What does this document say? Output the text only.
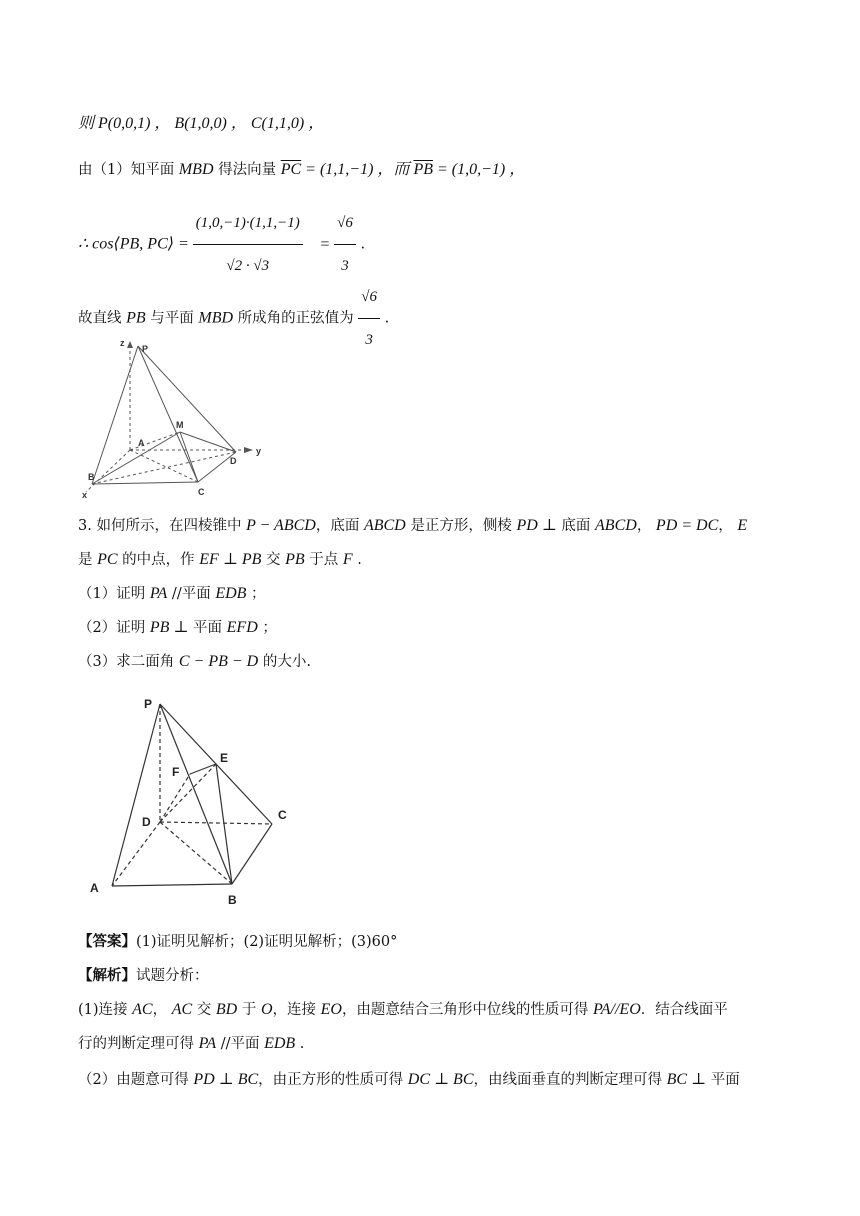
则 P(0,0,1) ， B(1,0,0) ， C(1,1,0) ，
由（1）知平面 MBD 得法向量 $\overline{PC} = (1,1,-1)$ ，而 $\overline{PB} = (1,0,-1)$ ，
∴ cos⟨PB, PC⟩ = $\frac{(1,0,-1)\cdot(1,1,-1)}{√2 \cdot √3} = \frac{√6}{3}$ .
故直线 PB 与平面 MBD 所成角的正弦值为 $\frac{√6}{3}$ .
z
P
M
A
D
y
B
x	C
3. 如何所示，在四棱锥中 P − ABCD，底面 ABCD 是正方形，侧棱 PD ⊥ 底面 ABCD， PD = DC， E
是 PC 的中点，作 EF ⊥ PB 交 PB 于点 F .
（1）证明 PA //平面 EDB ；
（2）证明 PB ⊥ 平面 EFD ；
（3）求二面角 C − PB − D 的大小.
P
E
F
D	C
A
B
【答案】(1)证明见解析；(2)证明见解析；(3)60°
【解析】试题分析：
(1)连接 AC， AC 交 BD 于 O，连接 EO，由题意结合三角形中位线的性质可得 PA//EO．结合线面平
行的判断定理可得 PA //平面 EDB .
（2）由题意可得 PD ⊥ BC，由正方形的性质可得 DC ⊥ BC，由线面垂直的判断定理可得 BC ⊥ 平面
